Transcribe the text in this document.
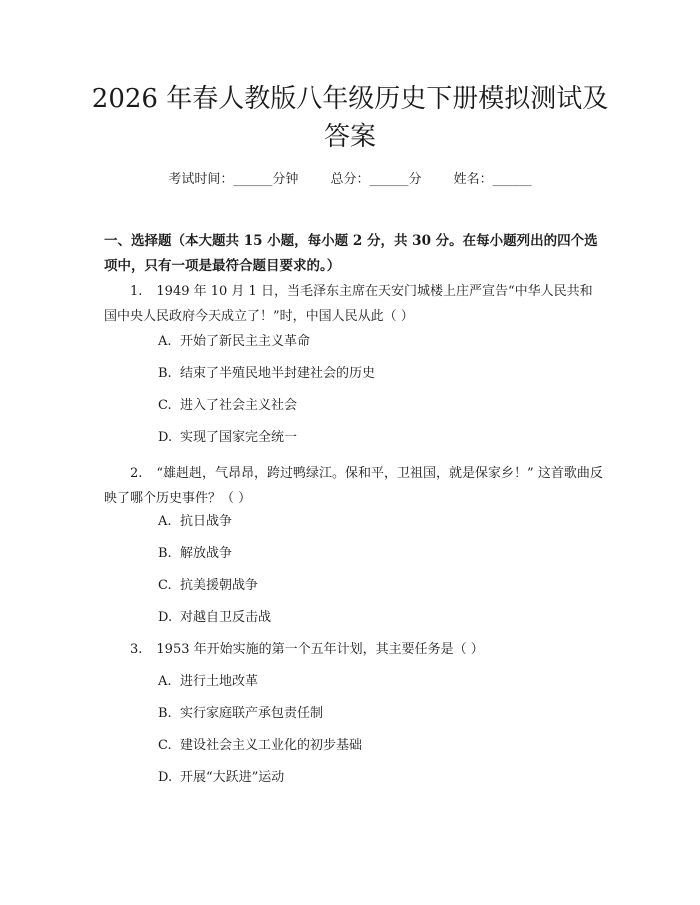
2026 年春人教版八年级历史下册模拟测试及
答案
考试时间：______分钟 总分：______分 姓名：______

一、选择题（本大题共 15 小题，每小题 2 分，共 30 分。在每小题列出的四个选项中，只有一项是最符合题目要求的。）

1. 1949 年 10 月 1 日，当毛泽东主席在天安门城楼上庄严宣告“中华人民共和国中央人民政府今天成立了！”时，中国人民从此（ ）

A. 开始了新民主主义革命
B. 结束了半殖民地半封建社会的历史
C. 进入了社会主义社会
D. 实现了国家完全统一

2. “雄赳赳，气昂昂，跨过鸭绿江。保和平，卫祖国，就是保家乡！” 这首歌曲反映了哪个历史事件？（ ）

A. 抗日战争
B. 解放战争
C. 抗美援朝战争
D. 对越自卫反击战

3. 1953 年开始实施的第一个五年计划，其主要任务是（ ）

A. 进行土地改革
B. 实行家庭联产承包责任制
C. 建设社会主义工业化的初步基础
D. 开展“大跃进”运动
